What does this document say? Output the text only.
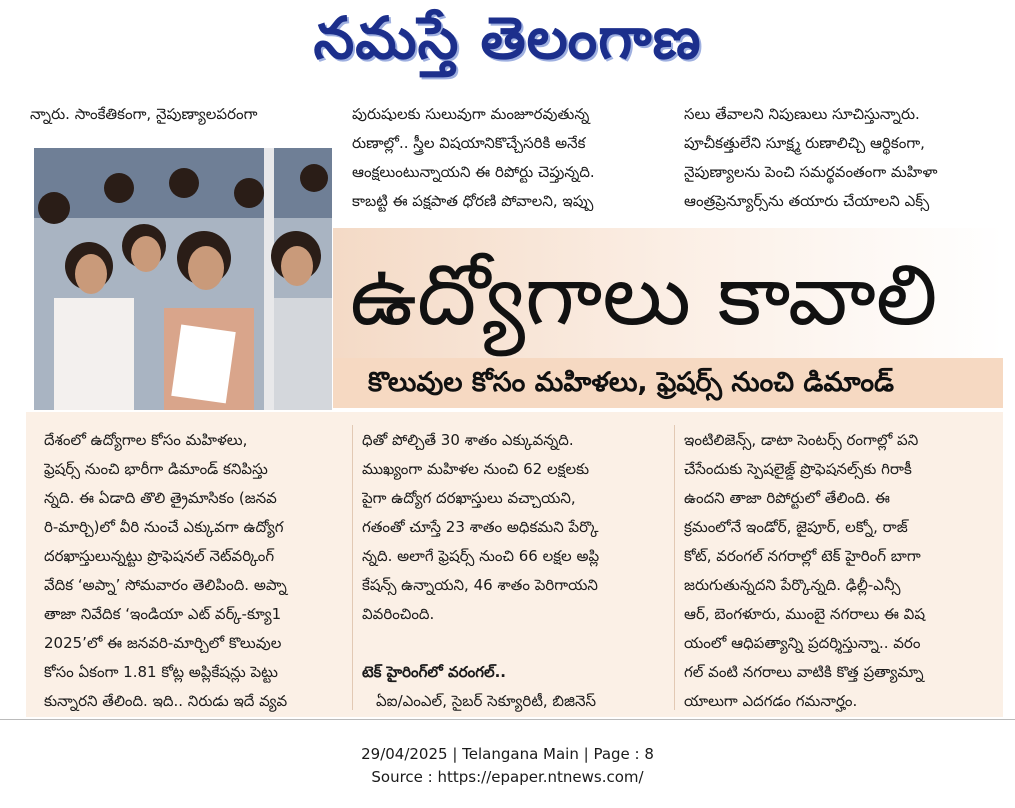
నమస్తే తెలంగాణ
న్నారు. సాంకేతికంగా, నైపుణ్యాలపరంగా	పురుషులకు సులువుగా మంజూరవుతున్న
రుణాల్లో.. స్త్రీల విషయానికొచ్చేసరికి అనేక
ఆంక్షలుంటున్నాయని ఈ రిపోర్టు చెప్తున్నది.
కాబట్టి ఈ పక్షపాత ధోరణి పోవాలని, ఇప్పు
సలు తేవాలని నిపుణులు సూచిస్తున్నారు.
పూచీకత్తులేని సూక్ష్మ రుణాలిచ్చి ఆర్థికంగా,
నైపుణ్యాలను పెంచి సమర్థవంతంగా మహిళా
ఆంత్రప్రెన్యూర్స్‌ను తయారు చేయాలని ఎక్స్
ఉద్యోగాలు కావాలి
కొలువుల కోసం మహిళలు, ఫ్రెషర్స్ నుంచి డిమాండ్
దేశంలో ఉద్యోగాల కోసం మహిళలు,
ఫ్రెషర్స్ నుంచి భారీగా డిమాండ్ కనిపిస్తు
న్నది. ఈ ఏడాది తొలి త్రైమాసికం (జనవ
రి-మార్చి)లో వీరి నుంచే ఎక్కువగా ఉద్యోగ
దరఖాస్తులున్నట్టు ప్రొఫెషనల్ నెట్‌వర్కింగ్
వేదిక ‘అప్నా’ సోమవారం తెలిపింది. అప్నా
తాజా నివేదిక ‘ఇండియా ఎట్ వర్క్-క్యూ1
2025’లో ఈ జనవరి-మార్చిలో కొలువుల
కోసం ఏకంగా 1.81 కోట్ల అప్లికేషన్లు పెట్టు
కున్నారని తేలింది. ఇది.. నిరుడు ఇదే వ్యవ
ధితో పోల్చితే 30 శాతం ఎక్కువన్నది.
ముఖ్యంగా మహిళల నుంచి 62 లక్షలకు
పైగా ఉద్యోగ దరఖాస్తులు వచ్చాయని,
గతంతో చూస్తే 23 శాతం అధికమని పేర్కొ
న్నది. అలాగే ఫ్రెషర్స్ నుంచి 66 లక్షల అప్లి
కేషన్స్ ఉన్నాయని, 46 శాతం పెరిగాయని
వివరించింది.
టెక్ హైరింగ్‌లో వరంగల్..
ఏఐ/ఎంఎల్, సైబర్ సెక్యూరిటీ, బిజినెస్
ఇంటిలిజెన్స్, డాటా సెంటర్స్ రంగాల్లో పని
చేసేందుకు స్పెషలైజ్డ్ ప్రొఫెషనల్స్‌కు గిరాకీ
ఉందని తాజా రిపోర్టులో తేలింది. ఈ
క్రమంలోనే ఇండోర్, జైపూర్, లక్నో, రాజ్
కోట్, వరంగల్ నగరాల్లో టెక్ హైరింగ్ బాగా
జరుగుతున్నదని పేర్కొన్నది. ఢిల్లీ-ఎన్సీ
ఆర్, బెంగళూరు, ముంబై నగరాలు ఈ విష
యంలో ఆధిపత్యాన్ని ప్రదర్శిస్తున్నా.. వరం
గల్ వంటి నగరాలు వాటికి కొత్త ప్రత్యామ్నా
యాలుగా ఎదగడం గమనార్హం.
29/04/2025 | Telangana Main | Page : 8
Source : https://epaper.ntnews.com/
